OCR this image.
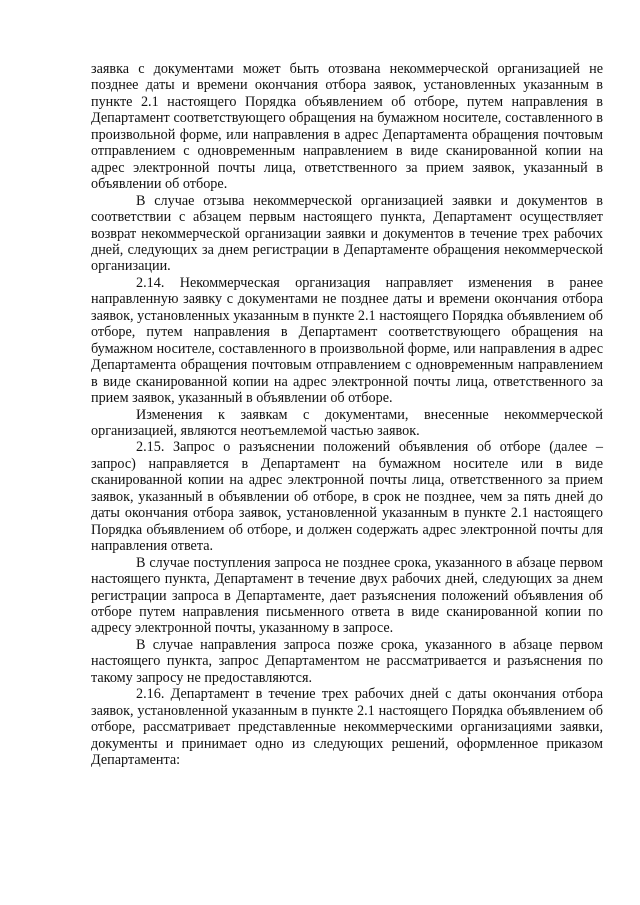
заявка с документами может быть отозвана некоммерческой организацией не позднее даты и времени окончания отбора заявок, установленных указанным в пункте 2.1 настоящего Порядка объявлением об отборе, путем направления в Департамент соответствующего обращения на бумажном носителе, составленного в произвольной форме, или направления в адрес Департамента обращения почтовым отправлением с одновременным направлением в виде сканированной копии на адрес электронной почты лица, ответственного за прием заявок, указанный в объявлении об отборе.

В случае отзыва некоммерческой организацией заявки и документов в соответствии с абзацем первым настоящего пункта, Департамент осуществляет возврат некоммерческой организации заявки и документов в течение трех рабочих дней, следующих за днем регистрации в Департаменте обращения некоммерческой организации.

2.14. Некоммерческая организация направляет изменения в ранее направленную заявку с документами не позднее даты и времени окончания отбора заявок, установленных указанным в пункте 2.1 настоящего Порядка объявлением об отборе, путем направления в Департамент соответствующего обращения на бумажном носителе, составленного в произвольной форме, или направления в адрес Департамента обращения почтовым отправлением с одновременным направлением в виде сканированной копии на адрес электронной почты лица, ответственного за прием заявок, указанный в объявлении об отборе.

Изменения к заявкам с документами, внесенные некоммерческой организацией, являются неотъемлемой частью заявок.

2.15. Запрос о разъяснении положений объявления об отборе (далее – запрос) направляется в Департамент на бумажном носителе или в виде сканированной копии на адрес электронной почты лица, ответственного за прием заявок, указанный в объявлении об отборе, в срок не позднее, чем за пять дней до даты окончания отбора заявок, установленной указанным в пункте 2.1 настоящего Порядка объявлением об отборе, и должен содержать адрес электронной почты для направления ответа.

В случае поступления запроса не позднее срока, указанного в абзаце первом настоящего пункта, Департамент в течение двух рабочих дней, следующих за днем регистрации запроса в Департаменте, дает разъяснения положений объявления об отборе путем направления письменного ответа в виде сканированной копии по адресу электронной почты, указанному в запросе.

В случае направления запроса позже срока, указанного в абзаце первом настоящего пункта, запрос Департаментом не рассматривается и разъяснения по такому запросу не предоставляются.

2.16. Департамент в течение трех рабочих дней с даты окончания отбора заявок, установленной указанным в пункте 2.1 настоящего Порядка объявлением об отборе, рассматривает представленные некоммерческими организациями заявки, документы и принимает одно из следующих решений, оформленное приказом Департамента:
